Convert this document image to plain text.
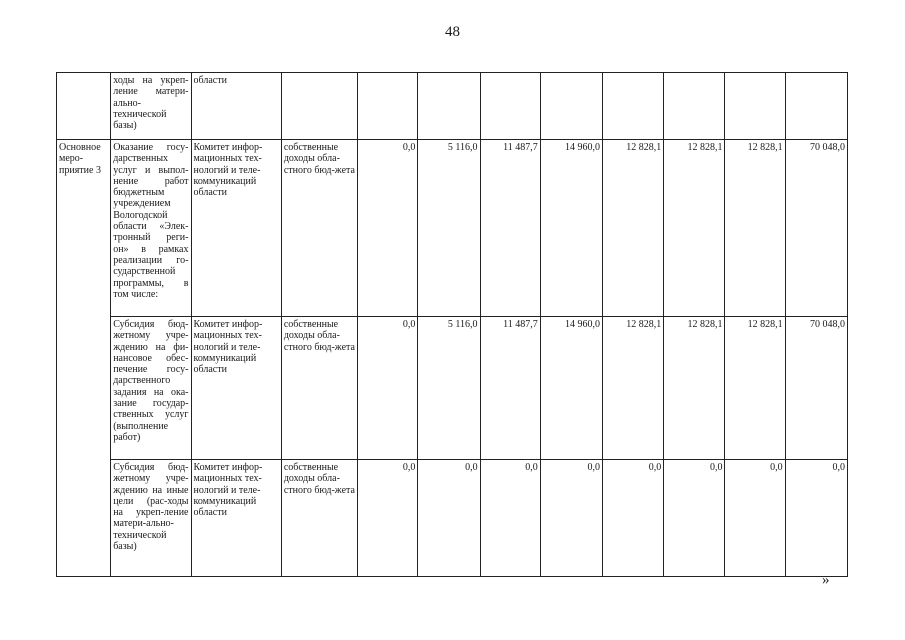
48
	ходы на укреп-ление матери-ально-технической базы)	области									
Основное меро-приятие 3	Оказание госу-дарственных услуг и выпол-нение работ бюджетным учреждением Вологодской области «Элек-тронный реги-он» в рамках реализации го-сударственной программы, в том числе:	Комитет инфор-мационных тех-нологий и теле-коммуникаций области	собственные доходы обла-стного бюд-жета	0,0	5 116,0	11 487,7	14 960,0	12 828,1	12 828,1	12 828,1	70 048,0
	Субсидия бюд-жетному учре-ждению на фи-нансовое обес-печение госу-дарственного задания на ока-зание государ-ственных услуг (выполнение работ)	Комитет инфор-мационных тех-нологий и теле-коммуникаций области	собственные доходы обла-стного бюд-жета	0,0	5 116,0	11 487,7	14 960,0	12 828,1	12 828,1	12 828,1	70 048,0
	Субсидия бюд-жетному учре-ждению на иные цели (рас-ходы на укреп-ление матери-ально-технической базы)	Комитет инфор-мационных тех-нологий и теле-коммуникаций области	собственные доходы обла-стного бюд-жета	0,0	0,0	0,0	0,0	0,0	0,0	0,0	0,0
»
